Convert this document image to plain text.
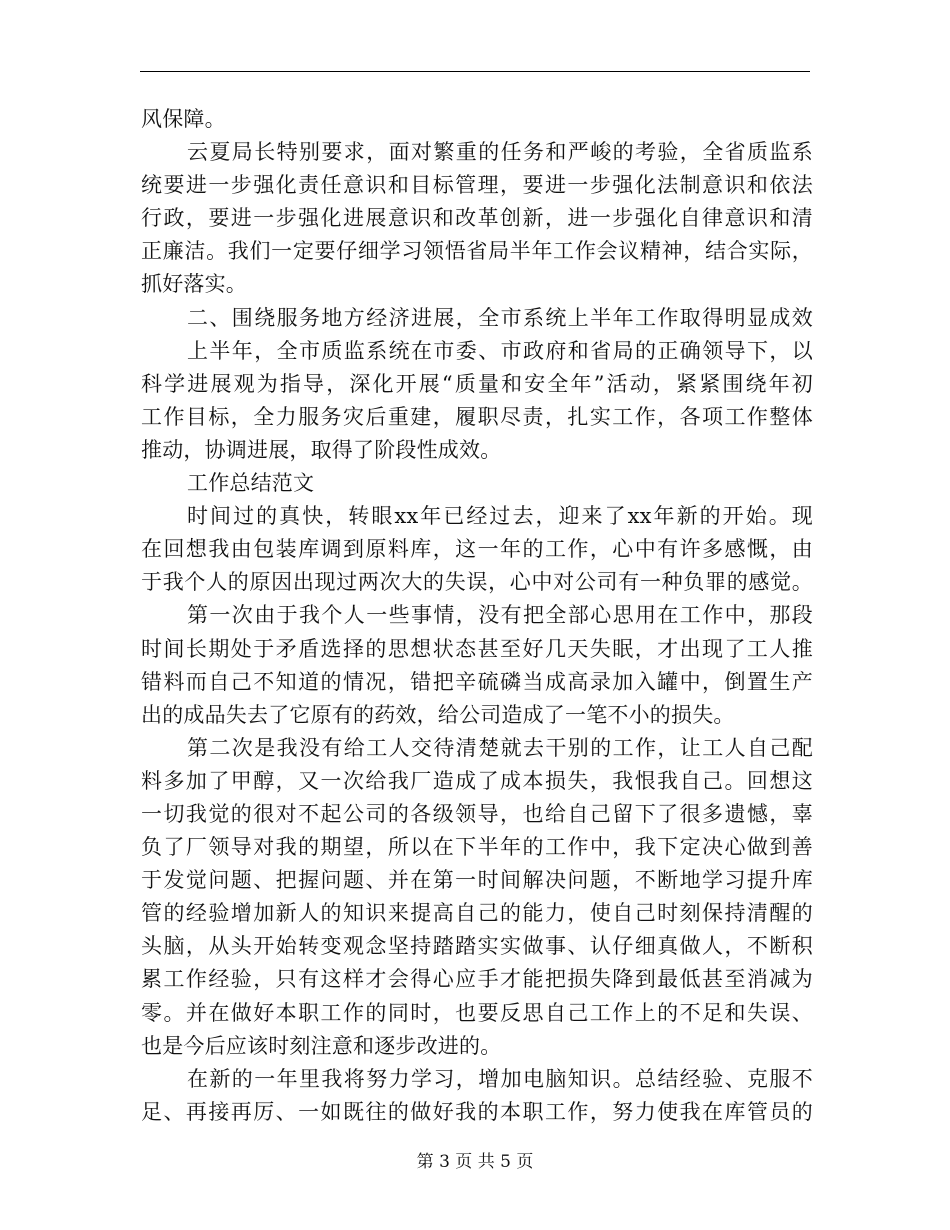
风保障。
云夏局长特别要求，面对繁重的任务和严峻的考验，全省质监系
统要进一步强化责任意识和目标管理，要进一步强化法制意识和依法
行政，要进一步强化进展意识和改革创新，进一步强化自律意识和清
正廉洁。我们一定要仔细学习领悟省局半年工作会议精神，结合实际，
抓好落实。
二、围绕服务地方经济进展，全市系统上半年工作取得明显成效
上半年，全市质监系统在市委、市政府和省局的正确领导下，以
科学进展观为指导，深化开展“质量和安全年”活动，紧紧围绕年初
工作目标，全力服务灾后重建，履职尽责，扎实工作，各项工作整体
推动，协调进展，取得了阶段性成效。
工作总结范文
时间过的真快，转眼xx年已经过去，迎来了xx年新的开始。现
在回想我由包装库调到原料库，这一年的工作，心中有许多感慨，由
于我个人的原因出现过两次大的失误，心中对公司有一种负罪的感觉。
第一次由于我个人一些事情，没有把全部心思用在工作中，那段
时间长期处于矛盾选择的思想状态甚至好几天失眠，才出现了工人推
错料而自己不知道的情况，错把辛硫磷当成高录加入罐中，倒置生产
出的成品失去了它原有的药效，给公司造成了一笔不小的损失。
第二次是我没有给工人交待清楚就去干别的工作，让工人自己配
料多加了甲醇，又一次给我厂造成了成本损失，我恨我自己。回想这
一切我觉的很对不起公司的各级领导，也给自己留下了很多遗憾，辜
负了厂领导对我的期望，所以在下半年的工作中，我下定决心做到善
于发觉问题、把握问题、并在第一时间解决问题，不断地学习提升库
管的经验增加新人的知识来提高自己的能力，使自己时刻保持清醒的
头脑，从头开始转变观念坚持踏踏实实做事、认仔细真做人，不断积
累工作经验，只有这样才会得心应手才能把损失降到最低甚至消减为
零。并在做好本职工作的同时，也要反思自己工作上的不足和失误、
也是今后应该时刻注意和逐步改进的。
在新的一年里我将努力学习，增加电脑知识。总结经验、克服不
足、再接再厉、一如既往的做好我的本职工作，努力使我在库管员的
第 3 页 共 5 页
